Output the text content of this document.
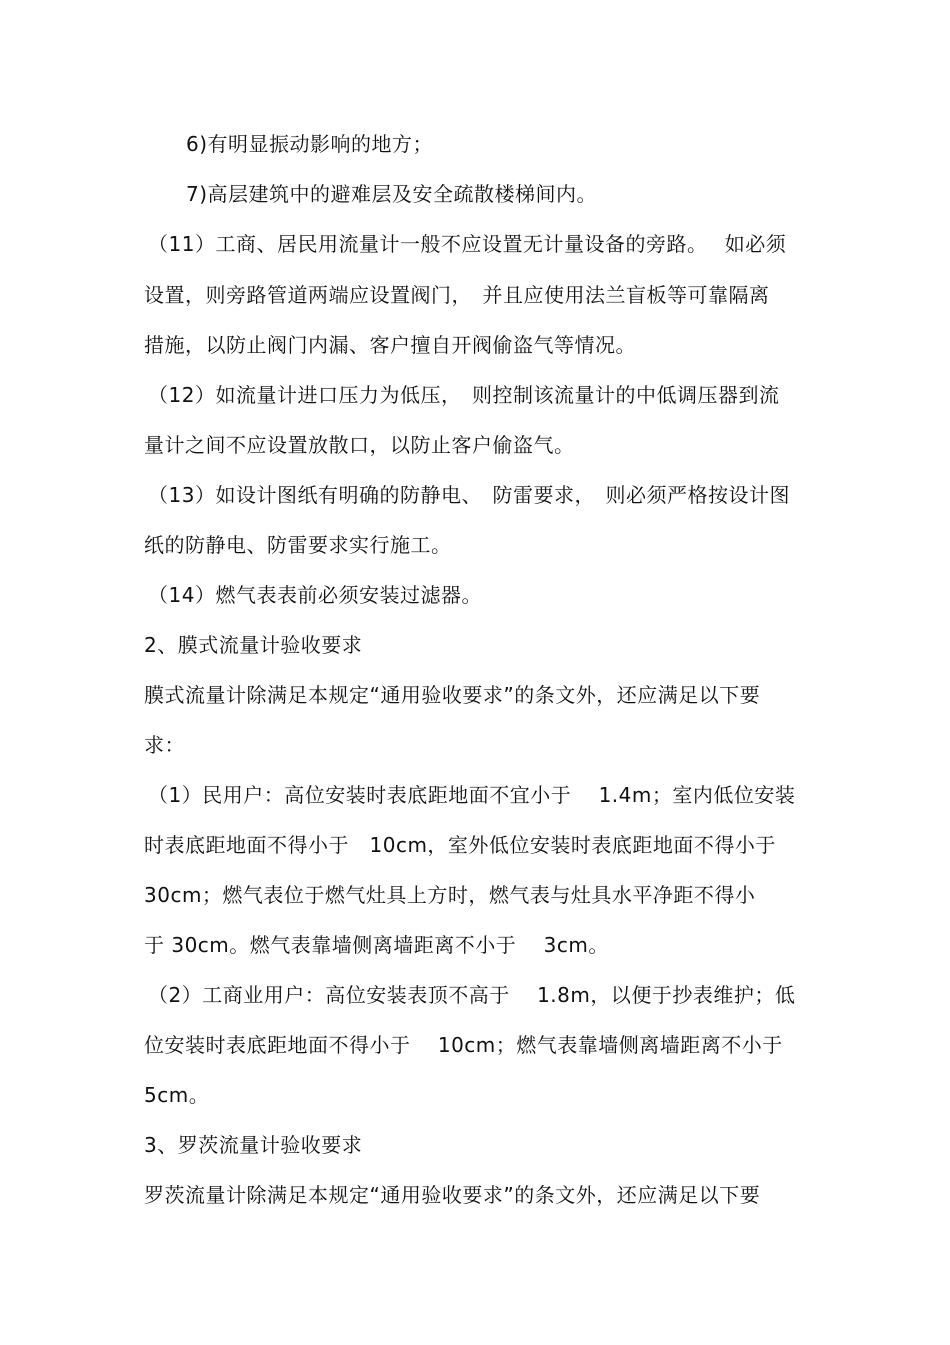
6)有明显振动影响的地方；
7)高层建筑中的避难层及安全疏散楼梯间内。
（11）工商、居民用流量计一般不应设置无计量设备的旁路。　 如必须
设置，则旁路管道两端应设置阀门，　并且应使用法兰盲板等可靠隔离
措施，以防止阀门内漏、客户擅自开阀偷盗气等情况。
（12）如流量计进口压力为低压，　则控制该流量计的中低调压器到流
量计之间不应设置放散口，以防止客户偷盗气。
（13）如设计图纸有明确的防静电、　防雷要求，　则必须严格按设计图
纸的防静电、防雷要求实行施工。
（14）燃气表表前必须安装过滤器。
2、膜式流量计验收要求
膜式流量计除满足本规定“通用验收要求”的条文外，还应满足以下要
求：
（1）民用户：高位安装时表底距地面不宜小于　 1.4m；室内低位安装
时表底距地面不得小于　10cm，室外低位安装时表底距地面不得小于
30cm；燃气表位于燃气灶具上方时，燃气表与灶具水平净距不得小
于 30cm。燃气表靠墙侧离墙距离不小于　 3cm。
（2）工商业用户：高位安装表顶不高于　 1.8m，以便于抄表维护；低
位安装时表底距地面不得小于　 10cm；燃气表靠墙侧离墙距离不小于
5cm。
3、罗茨流量计验收要求
罗茨流量计除满足本规定“通用验收要求”的条文外，还应满足以下要
